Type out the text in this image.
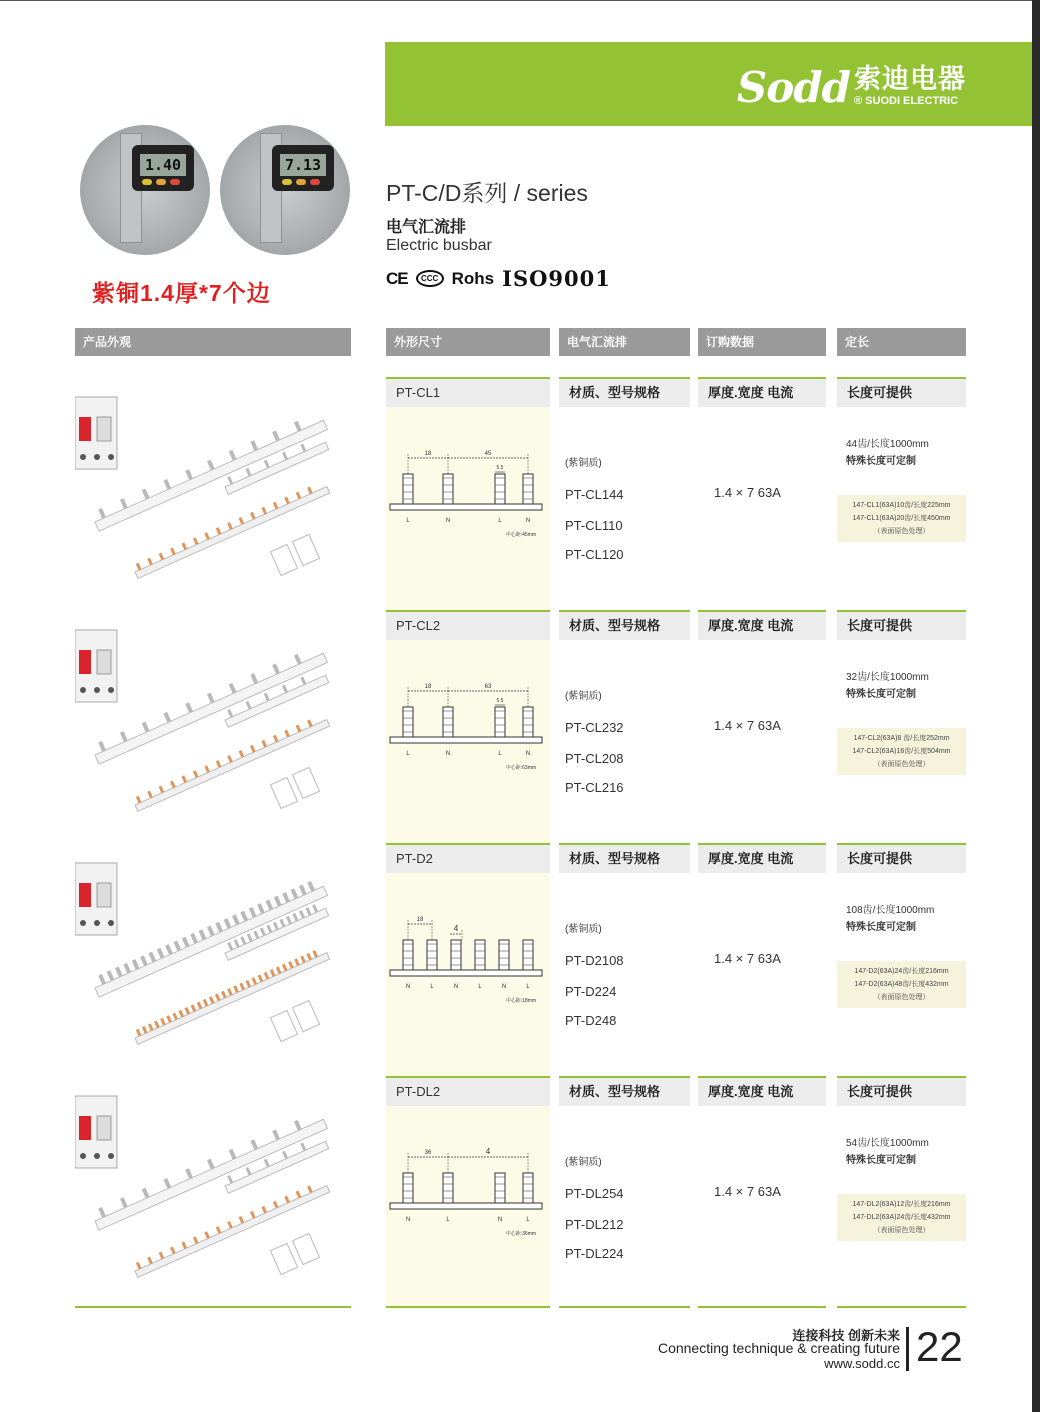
Sodd 索迪电器
® SUODI ELECTRIC
1.40	7.13
紫铜1.4厚*7个边
PT-C/D系列 / series
电气汇流排
Electric busbar
CE	CCC Rohs ISO9001
产品外观	外形尺寸	电气汇流排	订购数据	定长
PT-CL1	材质、型号规格	厚度.宽度 电流	长度可提供
L	N	L	N
18	45
5.5
中心距:45mm
(紫铜质)
PT-CL144
PT-CL110
PT-CL120
1.4 × 7 63A
44齿/长度1000mm
特殊长度可定制
147-CL1(63A)10齿/长度225mm
147-CL1(63A)20齿/长度450mm
（表面原色处理）
PT-CL2	材质、型号规格	厚度.宽度 电流	长度可提供
L	N	L	N
18	63
5.5
中心距:63mm
(紫铜质)
PT-CL232
PT-CL208
PT-CL216
1.4 × 7 63A
32齿/长度1000mm
特殊长度可定制
147-CL2(63A)8 齿/长度252mm
147-CL2(63A)16齿/长度504mm
（表面原色处理）
PT-D2	材质、型号规格	厚度.宽度 电流	长度可提供
N	L	N	L	N	L
18
4
中心距:18mm
(紫铜质)
PT-D2108
PT-D224
PT-D248
1.4 × 7 63A
108齿/长度1000mm
特殊长度可定制
147-D2(63A)24齿/长度216mm
147-D2(63A)48齿/长度432mm
（表面原色处理）
PT-DL2	材质、型号规格	厚度.宽度 电流	长度可提供
N	L	N	L
36	4
中心距:36mm
(紫铜质)
PT-DL254
PT-DL212
PT-DL224
1.4 × 7 63A
54齿/长度1000mm
特殊长度可定制
147-DL2(63A)12齿/长度216mm
147-DL2(63A)24齿/长度432mm
（表面原色处理）
连接科技 创新未来
Connecting technique & creating future
www.sodd.cc 22
